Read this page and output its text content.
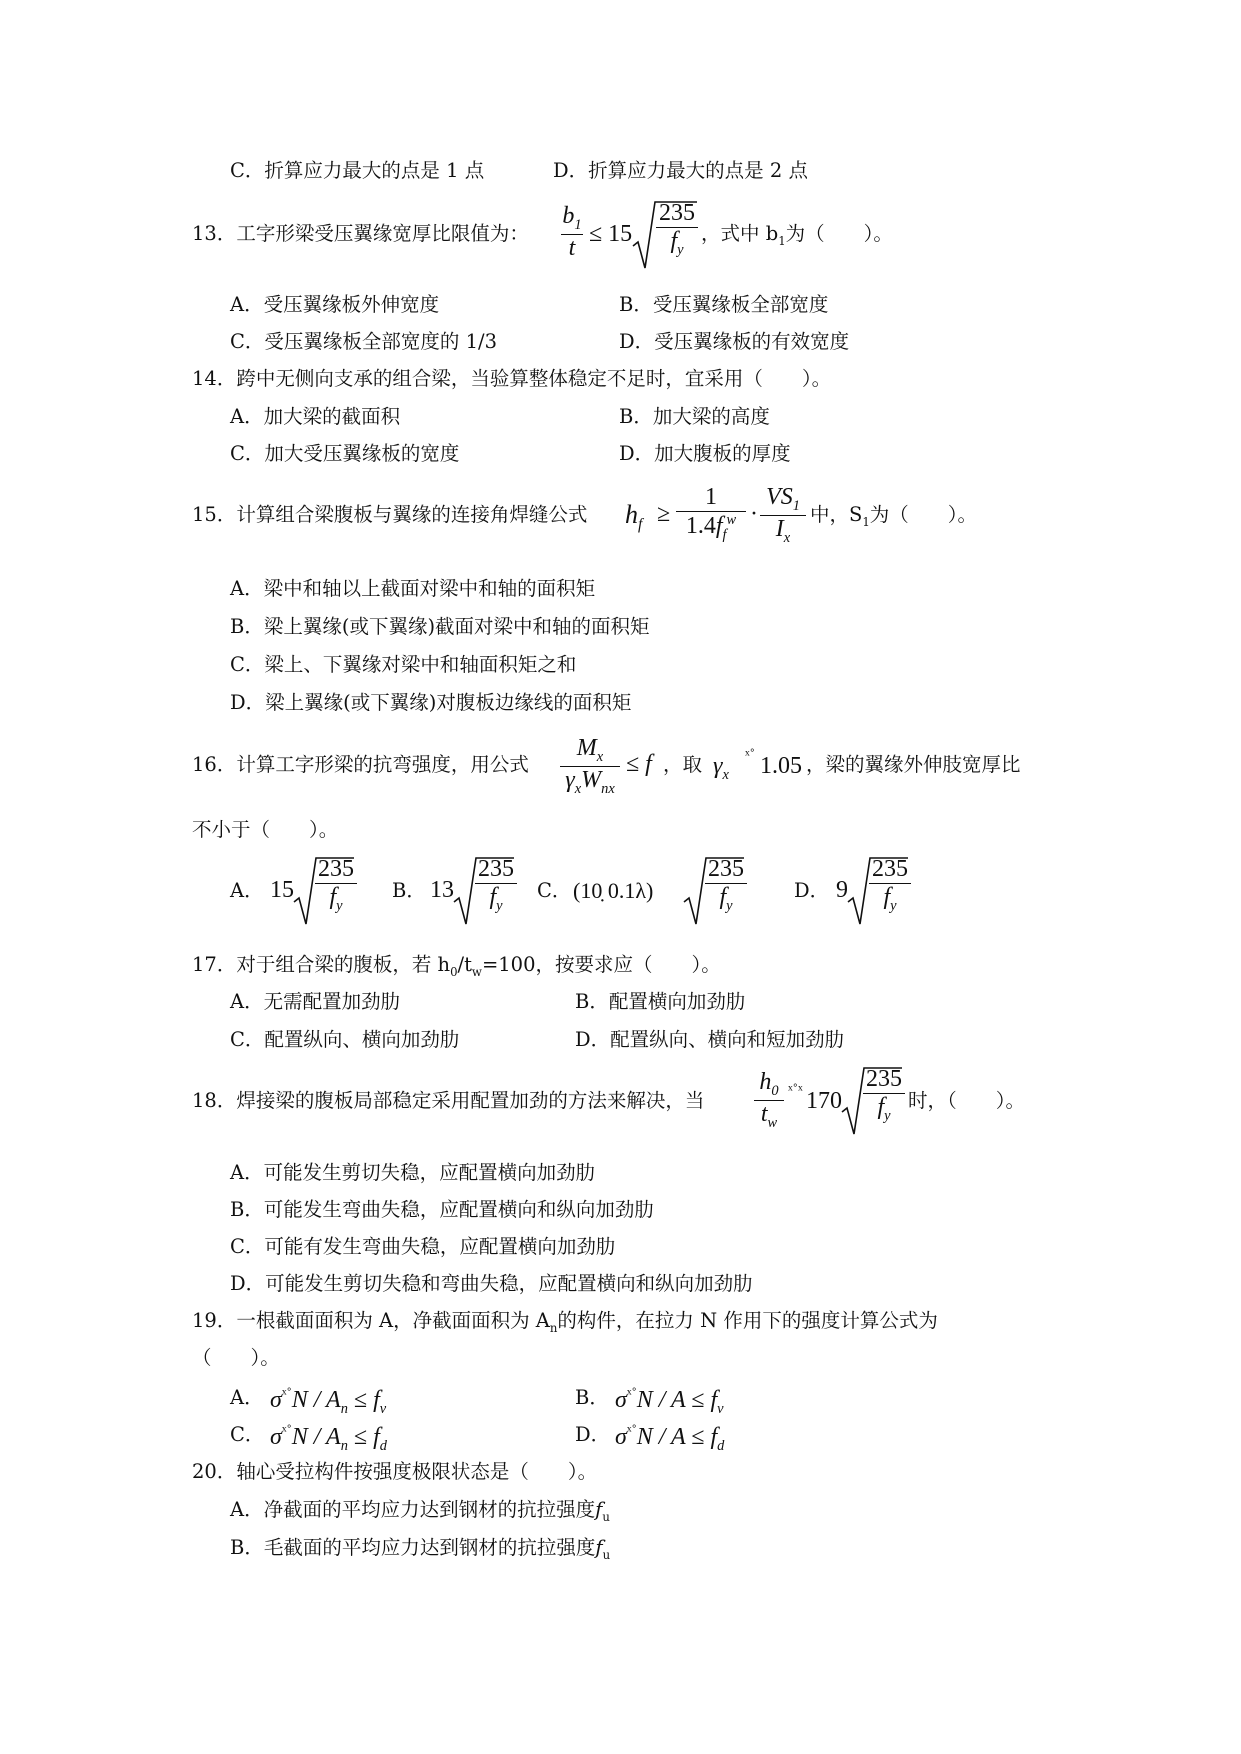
C．折算应力最大的点是 1 点	D．折算应力最大的点是 2 点
13．工字形梁受压翼缘宽厚比限值为：
$b_1$
t
≤ 15
235
$f_y$
，式中 $b_1$为（　　）。
A．受压翼缘板外伸宽度	B．受压翼缘板全部宽度
C．受压翼缘板全部宽度的 1/3	D．受压翼缘板的有效宽度
14．跨中无侧向支承的组合梁，当验算整体稳定不足时，宜采用（　　）。
A．加大梁的截面积	B．加大梁的高度
C．加大受压翼缘板的宽度	D．加大腹板的厚度
15．计算组合梁腹板与翼缘的连接角焊缝公式 $h_f$ ≥
1
$1.4f_f^w$ ·
$VS_1$
$I_x$
中，$S_1$为（　　）。
A．梁中和轴以上截面对梁中和轴的面积矩
B．梁上翼缘(或下翼缘)截面对梁中和轴的面积矩
C．梁上、下翼缘对梁中和轴面积矩之和
D．梁上翼缘(或下翼缘)对腹板边缘线的面积矩
16．计算工字形梁的抗弯强度，用公式
$M_x$
$\gamma_xW_{nx}$
≤ f ，取 $\gamma_x$
ˣ˚ 1.05 ，梁的翼缘外伸肢宽厚比
不小于（　　）。
A． 15
235
$f_y$
B． 13
235
$f_y$
C． (10̣ 0.1λ)
235
$f_y$
D． 9
235
$f_y$
17．对于组合梁的腹板，若 $h_0/t_w=100$，按要求应（　　）。
A．无需配置加劲肋	B．配置横向加劲肋
C．配置纵向、横向加劲肋	D．配置纵向、横向和短加劲肋
18．焊接梁的腹板局部稳定采用配置加劲的方法来解决，当
$h_0$
$t_w$
ˣ˚ˣ 170
235
$f_y$
时，（　　）。
A．可能发生剪切失稳，应配置横向加劲肋
B．可能发生弯曲失稳，应配置横向和纵向加劲肋
C．可能有发生弯曲失稳，应配置横向加劲肋
D．可能发生剪切失稳和弯曲失稳，应配置横向和纵向加劲肋
19．一根截面面积为 A，净截面面积为 $A_n$的构件，在拉力 N 作用下的强度计算公式为
（　　）。
A． $\sigma^{ˣ˚}N / A_n \le f_v$	B． $\sigma^{ˣ˚}N / A \le f_v$
C． $\sigma^{ˣ˚}N / A_n \le f_d$	D． $\sigma^{ˣ˚}N / A \le f_d$
20．轴心受拉构件按强度极限状态是（　　）。
A．净截面的平均应力达到钢材的抗拉强度$f_u$
B．毛截面的平均应力达到钢材的抗拉强度$f_u$
